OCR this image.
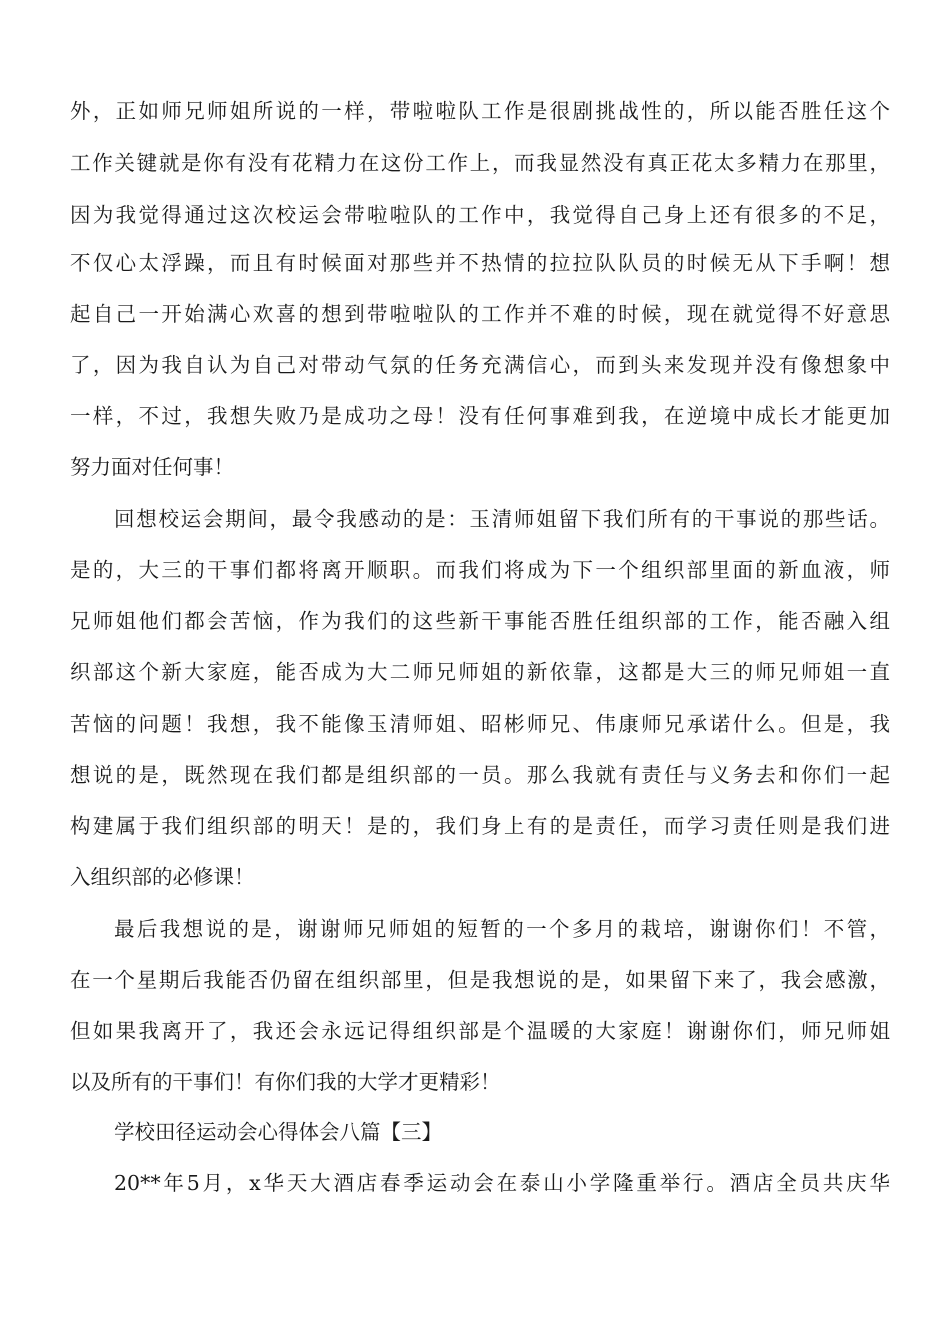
外，正如师兄师姐所说的一样，带啦啦队工作是很剧挑战性的，所以能否胜任这个
工作关键就是你有没有花精力在这份工作上，而我显然没有真正花太多精力在那里，
因为我觉得通过这次校运会带啦啦队的工作中，我觉得自己身上还有很多的不足，
不仅心太浮躁，而且有时候面对那些并不热情的拉拉队队员的时候无从下手啊！想
起自己一开始满心欢喜的想到带啦啦队的工作并不难的时候，现在就觉得不好意思
了，因为我自认为自己对带动气氛的任务充满信心，而到头来发现并没有像想象中
一样，不过，我想失败乃是成功之母！没有任何事难到我，在逆境中成长才能更加
努力面对任何事！
回想校运会期间，最令我感动的是：玉清师姐留下我们所有的干事说的那些话。
是的，大三的干事们都将离开顺职。而我们将成为下一个组织部里面的新血液，师
兄师姐他们都会苦恼，作为我们的这些新干事能否胜任组织部的工作，能否融入组
织部这个新大家庭，能否成为大二师兄师姐的新依靠，这都是大三的师兄师姐一直
苦恼的问题！我想，我不能像玉清师姐、昭彬师兄、伟康师兄承诺什么。但是，我
想说的是，既然现在我们都是组织部的一员。那么我就有责任与义务去和你们一起
构建属于我们组织部的明天！是的，我们身上有的是责任，而学习责任则是我们进
入组织部的必修课！
最后我想说的是，谢谢师兄师姐的短暂的一个多月的栽培，谢谢你们！不管，
在一个星期后我能否仍留在组织部里，但是我想说的是，如果留下来了，我会感激，
但如果我离开了，我还会永远记得组织部是个温暖的大家庭！谢谢你们，师兄师姐
以及所有的干事们！有你们我的大学才更精彩！
学校田径运动会心得体会八篇【三】
20**年5月，x华天大酒店春季运动会在泰山小学隆重举行。酒店全员共庆华
